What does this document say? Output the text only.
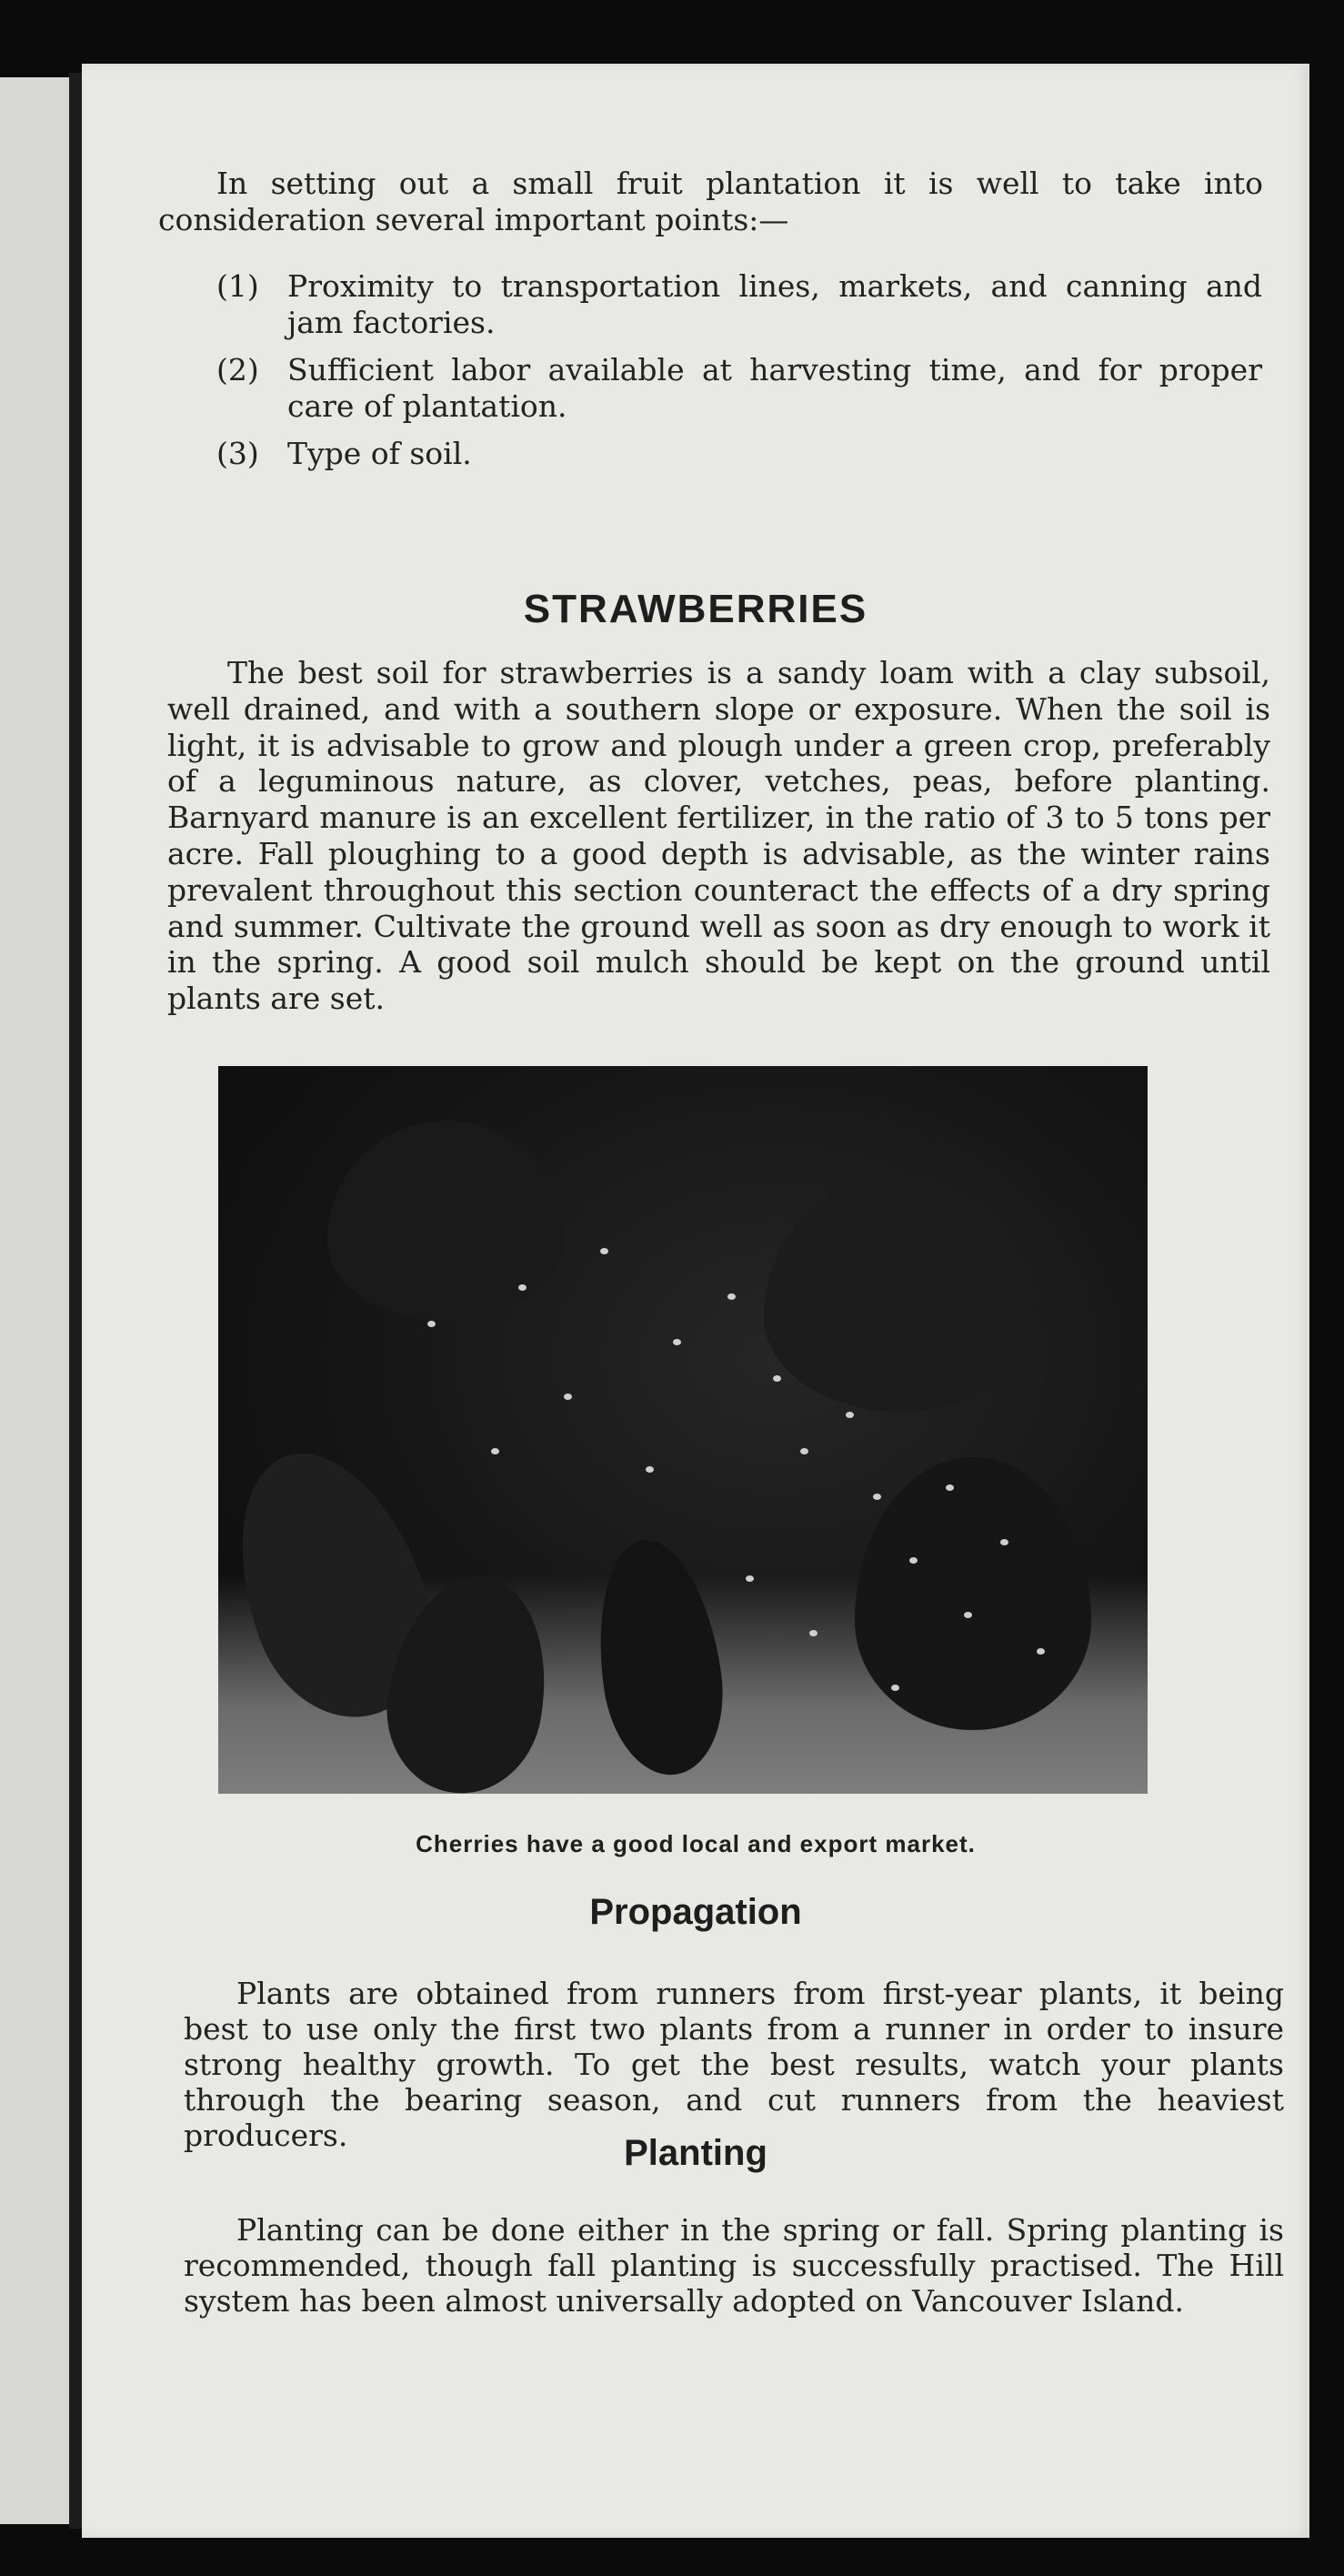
In setting out a small fruit plantation it is well to take into consideration several important points:—

(1) Proximity to transportation lines, markets, and canning and jam factories.
(2) Sufficient labor available at harvesting time, and for proper care of plantation.
(3) Type of soil.
STRAWBERRIES

The best soil for strawberries is a sandy loam with a clay subsoil, well drained, and with a southern slope or exposure. When the soil is light, it is advisable to grow and plough under a green crop, preferably of a leguminous nature, as clover, vetches, peas, before planting. Barnyard manure is an excellent fertilizer, in the ratio of 3 to 5 tons per acre. Fall ploughing to a good depth is advisable, as the winter rains prevalent throughout this section counteract the effects of a dry spring and summer. Cultivate the ground well as soon as dry enough to work it in the spring. A good soil mulch should be kept on the ground until plants are set.

Cherries have a good local and export market.
Propagation

Plants are obtained from runners from first-year plants, it being best to use only the first two plants from a runner in order to insure strong healthy growth. To get the best results, watch your plants through the bearing season, and cut runners from the heaviest producers.	Planting

Planting can be done either in the spring or fall. Spring planting is recommended, though fall planting is successfully practised. The Hill system has been almost universally adopted on Vancouver Island.
